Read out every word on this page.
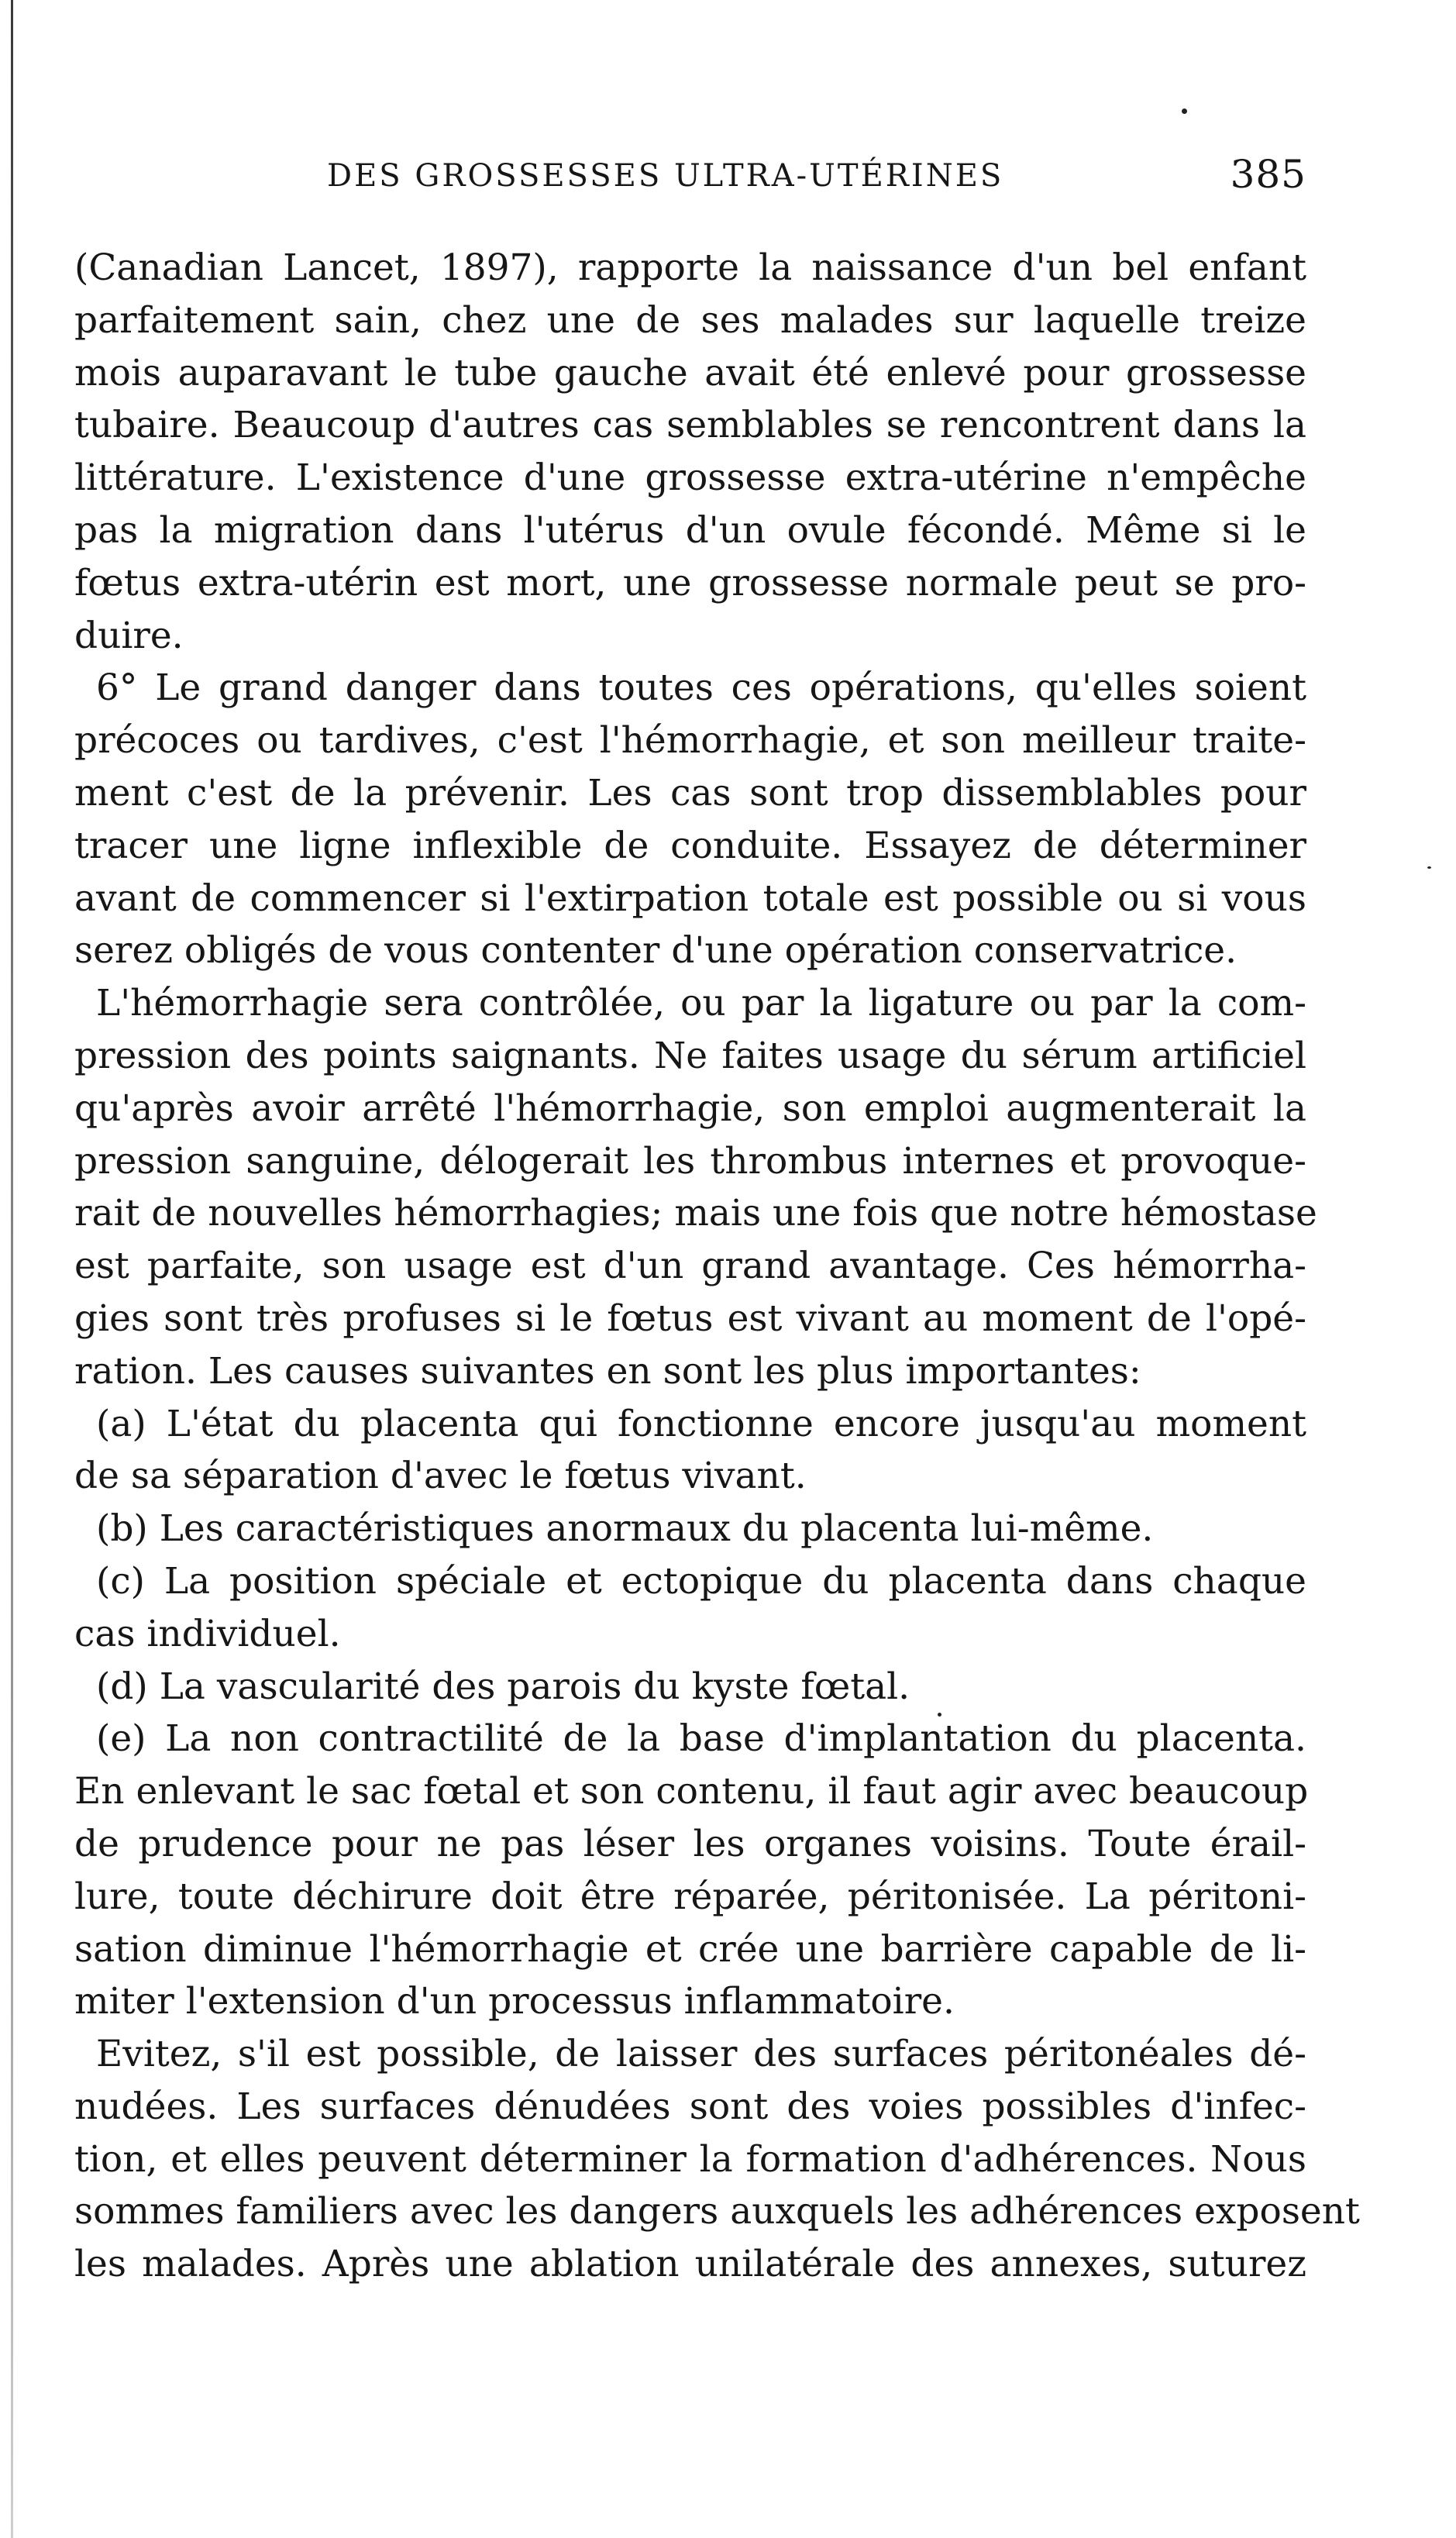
DES GROSSESSES ULTRA-UTÉRINES	385
(Canadian Lancet, 1897), rapporte la naissance d'un bel enfant
parfaitement sain, chez une de ses malades sur laquelle treize
mois auparavant le tube gauche avait été enlevé pour grossesse
tubaire. Beaucoup d'autres cas semblables se rencontrent dans la
littérature. L'existence d'une grossesse extra-utérine n'empêche
pas la migration dans l'utérus d'un ovule fécondé. Même si le
fœtus extra-utérin est mort, une grossesse normale peut se pro-
duire.
6° Le grand danger dans toutes ces opérations, qu'elles soient
précoces ou tardives, c'est l'hémorrhagie, et son meilleur traite-
ment c'est de la prévenir. Les cas sont trop dissemblables pour
tracer une ligne inflexible de conduite. Essayez de déterminer
avant de commencer si l'extirpation totale est possible ou si vous
serez obligés de vous contenter d'une opération conservatrice.
L'hémorrhagie sera contrôlée, ou par la ligature ou par la com-
pression des points saignants. Ne faites usage du sérum artificiel
qu'après avoir arrêté l'hémorrhagie, son emploi augmenterait la
pression sanguine, délogerait les thrombus internes et provoque-
rait de nouvelles hémorrhagies; mais une fois que notre hémostase
est parfaite, son usage est d'un grand avantage. Ces hémorrha-
gies sont très profuses si le fœtus est vivant au moment de l'opé-
ration. Les causes suivantes en sont les plus importantes:
(a) L'état du placenta qui fonctionne encore jusqu'au moment
de sa séparation d'avec le fœtus vivant.
(b) Les caractéristiques anormaux du placenta lui-même.
(c) La position spéciale et ectopique du placenta dans chaque
cas individuel.
(d) La vascularité des parois du kyste fœtal.
(e) La non contractilité de la base d'implantation du placenta.
En enlevant le sac fœtal et son contenu, il faut agir avec beaucoup
de prudence pour ne pas léser les organes voisins. Toute érail-
lure, toute déchirure doit être réparée, péritonisée. La péritoni-
sation diminue l'hémorrhagie et crée une barrière capable de li-
miter l'extension d'un processus inflammatoire.
Evitez, s'il est possible, de laisser des surfaces péritonéales dé-
nudées. Les surfaces dénudées sont des voies possibles d'infec-
tion, et elles peuvent déterminer la formation d'adhérences. Nous
sommes familiers avec les dangers auxquels les adhérences exposent
les malades. Après une ablation unilatérale des annexes, suturez
